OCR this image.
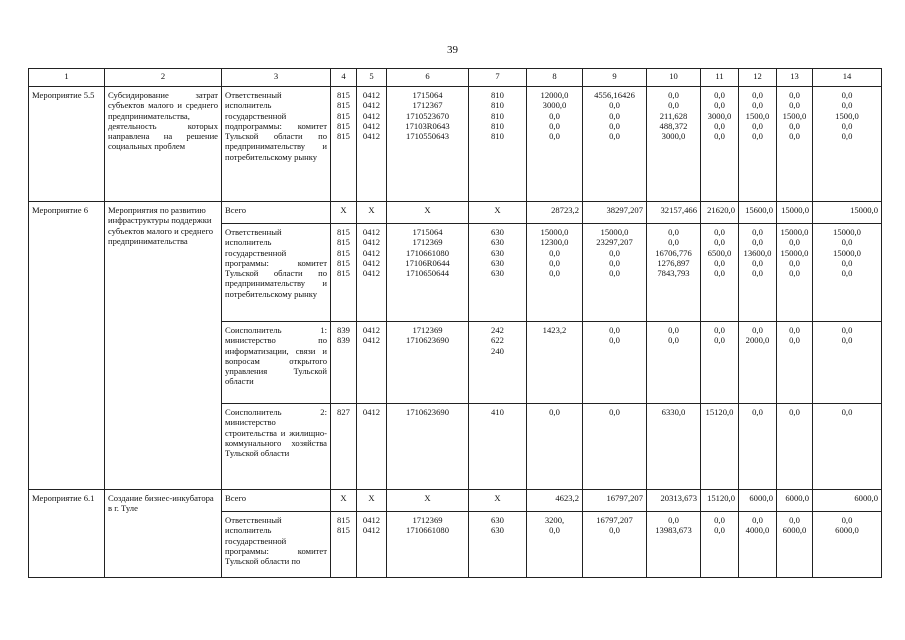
39
1	2	3	4	5	6	7	8	9	10	11	12	13	14
Мероприятие 5.5	Субсидирование затрат субъектов малого и среднего предпринимательства, деятельность которых направлена на решение социальных проблем	Ответственный исполнитель государственной подпрограммы: комитет Тульской области по предпринимательству и потребительскому рынку	815
815
815
815
815	0412
0412
0412
0412
0412	1715064
1712367
1710523670
17103R0643
1710550643	810
810
810
810
810	12000,0
3000,0
0,0
0,0
0,0	4556,16426
0,0
0,0
0,0
0,0	0,0
0,0
211,628
488,372
3000,0	0,0
0,0
3000,0
0,0
0,0	0,0
0,0
1500,0
0,0
0,0	0,0
0,0
1500,0
0,0
0,0	0,0
0,0
1500,0
0,0
0,0

Мероприятие 6	Мероприятия по развитию инфраструктуры поддержки субъектов малого и среднего предпринимательства	Всего	Х	Х	Х	Х	28723,2	38297,207	32157,466	21620,0	15600,0	15000,0	15000,0
		Ответственный исполнитель государственной программы: комитет Тульской области по предпринимательству и потребительскому рынку	815
815
815
815
815	0412
0412
0412
0412
0412	1715064
1712369
1710661080
17106R0644
1710650644	630
630
630
630
630	15000,0
12300,0
0,0
0,0
0,0	15000,0
23297,207
0,0
0,0
0,0	0,0
0,0
16706,776
1276,897
7843,793	0,0
0,0
6500,0
0,0
0,0	0,0
0,0
13600,0
0,0
0,0	15000,0
0,0
15000,0
0,0
0,0	15000,0
0,0
15000,0
0,0
0,0

		Соисполнитель 1: министерство по информатизации, связи и вопросам открытого управления Тульской области	839
839	0412
0412	1712369
1710623690	242
622
240	1423,2	0,0
0,0	0,0
0,0	0,0
0,0	0,0
2000,0	0,0
0,0	0,0
0,0

		Соисполнитель 2: министерство строительства и жилищно-коммунального хозяйства Тульской области	827	0412	1710623690	410	0,0	0,0	6330,0	15120,0	0,0	0,0	0,0
Мероприятие 6.1	Создание бизнес-инкубатора в г. Туле	Всего	Х	Х	Х	Х	4623,2	16797,207	20313,673	15120,0	6000,0	6000,0	6000,0
		Ответственный исполнитель государственной программы: комитет Тульской области по	815
815	0412
0412	1712369
1710661080	630
630	3200,
0,0	16797,207
0,0	0,0
13983,673	0,0
0,0	0,0
4000,0	0,0
6000,0	0,0
6000,0
